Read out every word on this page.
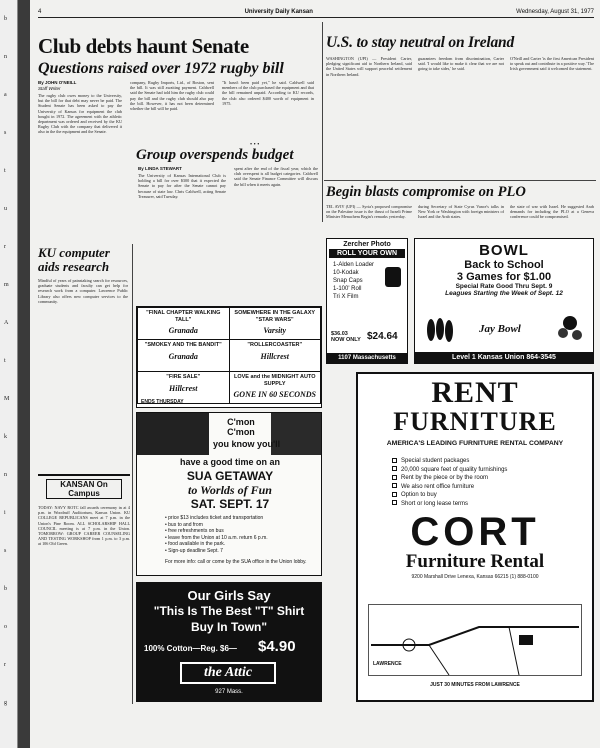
b
n
a
s
t
u
r
m
A
t
M
k
n
i
s
b
o
r
g
4	University Daily Kansan	Wednesday, August 31, 1977
Club debts haunt Senate
Questions raised over 1972 rugby bill
By JOHN O'NEILL
Staff Writer
The rugby club owes money to the University, but the bill for that debt may never be paid. The Student Senate has been asked to pay the University of Kansas for equipment the club bought in 1972. The agreement with the athletic department was ordered and received by the KU Rugby Club with the company that delivered it also in the the equipment and the Senate.
company, Rugby Imports, Ltd., of Boston, sent the bill. It was still awaiting payment. Caldwell said the Senate had told him the rugby club could pay the bill and the rugby club should also pay the bill. However, it has not been determined whether the bill will be paid.
"It hasn't been paid yet," he said. Caldwell said members of the club purchased the equipment and that the bill remained unpaid. According to KU records, the club also ordered $400 worth of equipment in 1975.
• • •
Group overspends budget
By LINDA STEWART
The University of Kansas International Club is holding a bill for over $300 that it expected the Senate to pay for after the Senate cannot pay because of state law. Chris Caldwell, acting Senate Treasurer, said Tuesday.
spent after the end of the fiscal year, which the club overspent is all budget categories. Caldwell said the Senate Finance Committee will discuss the bill when it meets again.
KU computer aids research
Mindful of years of painstaking search for resources, graduate students and faculty can get help for research work from a computer. Lawrence Public Library also offers new computer services to the community.
KANSAN On Campus
TODAY: NAVY ROTC fall awards ceremony in at 4 p.m. in Woodruff Auditorium, Kansas Union. KU COLLEGE REPUBLICANS meet at 7 p.m. in the Union's Pine Room. ALL SCHOLARSHIP HALL COUNCIL meeting is at 7 p.m. in the Union. TOMORROW: GROUP CAREER COUNSELING AND TESTING WORKSHOP from 1 p.m. to 3 p.m. at 106 Old Green.
"FINAL CHAPTER WALKING TALL"
Granada
SOMEWHERE IN THE GALAXY "STAR WARS"
Varsity
"SMOKEY AND THE BANDIT"
Granada
"ROLLERCOASTER"
Hillcrest
"FIRE SALE"
Hillcrest
LOVE and the MIDNIGHT AUTO SUPPLY
GONE IN 60 SECONDS
ENDS THURSDAY
C'mon
C'mon
you know you'll
have a good time on an
SUA GETAWAY
to Worlds of Fun
SAT. SEPT. 17
• price $13 includes ticket and transportation
• bus to and from
• free refreshments on bus
• leave from the Union at 10 a.m. return 6 p.m.
• food available in the park.
• Sign-up deadline Sept. 7
For more info: call or come by the SUA office in the Union lobby.
Our Girls Say
"This Is The Best "T" Shirt
Buy In Town"
100% Cotton—Reg. $6— $4.90
the Attic
927 Mass.
U.S. to stay neutral on Ireland
WASHINGTON (UPI) — President Carter, pledging significant aid to Northern Ireland, said the United States will support peaceful settlement in Northern Ireland.
guarantees freedom from discrimination, Carter said. 'I would like to make it clear that we are not going to take sides,' he said.
O'Neill and Carter 'is the first American President to speak out and contribute in a positive way.' The Irish government said it welcomed the statement.
Begin blasts compromise on PLO
TEL AVIV (UPI) — Syria's proposed compromise on the Palestine issue is the thrust of Israeli Prime Minister Menachem Begin's remarks yesterday.
during Secretary of State Cyrus Vance's talks in New York or Washington with foreign ministers of Israel and the Arab states.
the state of war with Israel. He suggested Arab demands for including the PLO at a Geneva conference could be compromised.
Zercher Photo
ROLL YOUR OWN
1-Alden Loader
10-Kodak
Snap Caps
1-100' Roll
Tri X Film
$36.03 NOW ONLY $24.64
1107 Massachusetts
BOWL
Back to School
3 Games for $1.00
Special Rate Good Thru Sept. 9
Leagues Starting the Week of Sept. 12
Jay Bowl
Level 1 Kansas Union 864-3545
RENT
FURNITURE
AMERICA'S LEADING FURNITURE RENTAL COMPANY
Special student packages
20,000 square feet of quality furnishings
Rent by the piece or by the room
We also rent office furniture
Option to buy
Short or long lease terms
CORT
Furniture Rental
9200 Marshall Drive Lenexa, Kansas 66215 (1) 888-0100
LAWRENCE
JUST 30 MINUTES FROM LAWRENCE
